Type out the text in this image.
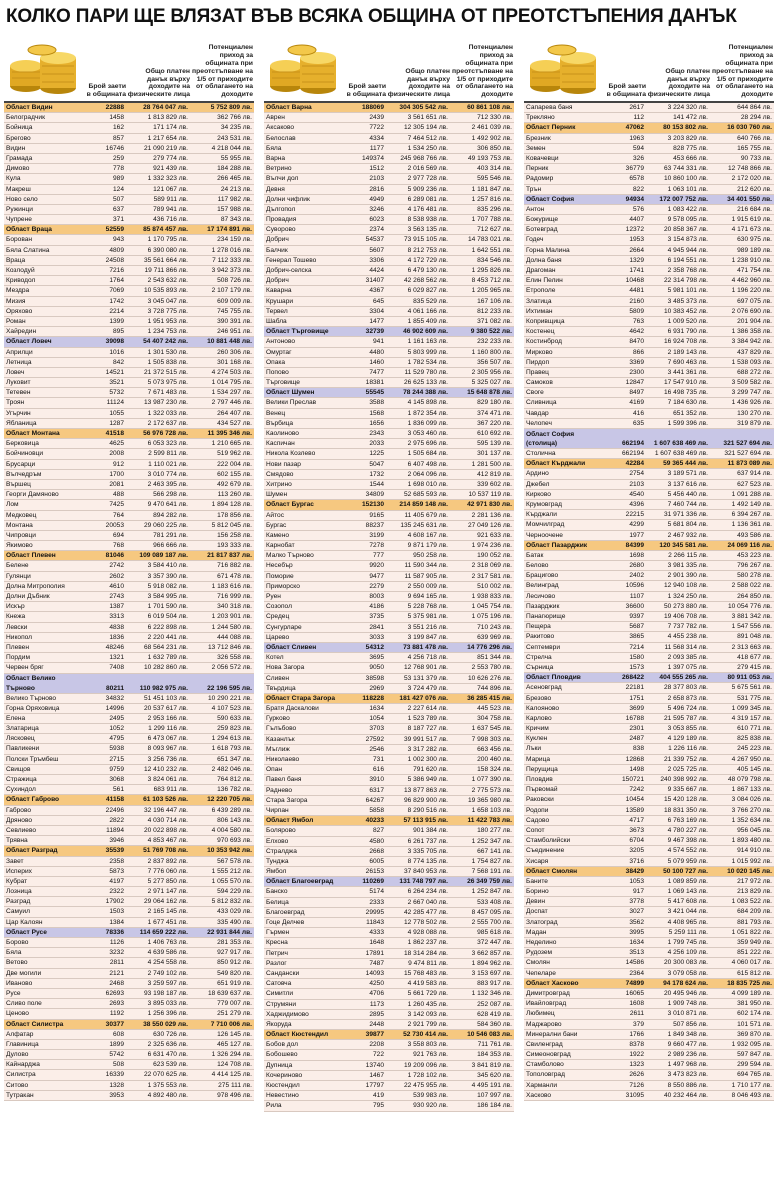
КОЛКО ПАРИ ЩЕ ВЛЯЗАТ ВЪВ ВСЯКА ОБЩИНА ОТ ПРЕОТСТЪПЕНИЯ ДАНЪК
Брой заети в общината
Общо платен данък върху доходите на физическите лица
Потенциален приход за общината при преотстъпване на 1/5 от приходите от облагането на доходите
Област Видин	22888	28 764 047 лв.	5 752 809 лв.
Белоградчик	1458	1 813 829 лв.	362 766 лв.
Бойница	162	171 174 лв.	34 235 лв.
Брегово	857	1 217 654 лв.	243 531 лв.
Видин	16746	21 090 219 лв.	4 218 044 лв.
Грамада	259	279 774 лв.	55 955 лв.
Димово	778	921 439 лв.	184 288 лв.
Кула	989	1 332 323 лв.	266 465 лв.
Макреш	124	121 067 лв.	24 213 лв.
Ново село	507	589 911 лв.	117 982 лв.
Ружинци	637	789 941 лв.	157 988 лв.
Чупрене	371	436 716 лв.	87 343 лв.
Област Враца	52559	85 874 457 лв.	17 174 891 лв.
Борован	943	1 170 795 лв.	234 159 лв.
Бяла Слатина	4809	6 390 080 лв.	1 278 016 лв.
Враца	24508	35 561 664 лв.	7 112 333 лв.
Козлодуй	7216	19 711 866 лв.	3 942 373 лв.
Криводол	1764	2 543 632 лв.	508 726 лв.
Мездра	7069	10 535 893 лв.	2 107 179 лв.
Мизия	1742	3 045 047 лв.	609 009 лв.
Оряхово	2214	3 728 775 лв.	745 755 лв.
Роман	1399	1 951 953 лв.	390 391 лв.
Хайредин	895	1 234 753 лв.	246 951 лв.
Област Ловеч	39098	54 407 242 лв.	10 881 448 лв.
Априлци	1016	1 301 530 лв.	260 306 лв.
Летница	842	1 505 838 лв.	301 168 лв.
Ловеч	14521	21 372 515 лв.	4 274 503 лв.
Луковит	3521	5 073 975 лв.	1 014 795 лв.
Тетевен	5732	7 671 483 лв.	1 534 297 лв.
Троян	11124	13 987 230 лв.	2 797 446 лв.
Угърчин	1055	1 322 033 лв.	264 407 лв.
Ябланица	1287	2 172 637 лв.	434 527 лв.
Област Монтана	41518	56 976 728 лв.	11 395 346 лв.
Берковица	4625	6 053 323 лв.	1 210 665 лв.
Бойчиновци	2008	2 599 811 лв.	519 962 лв.
Брусарци	912	1 110 021 лв.	222 004 лв.
Вълчедръм	1700	3 010 774 лв.	602 155 лв.
Вършец	2081	2 463 395 лв.	492 679 лв.
Георги Дамяново	488	566 298 лв.	113 260 лв.
Лом	7425	9 470 641 лв.	1 894 128 лв.
Медковец	764	894 282 лв.	178 856 лв.
Монтана	20053	29 060 225 лв.	5 812 045 лв.
Чипровци	694	781 291 лв.	156 258 лв.
Якимово	768	966 666 лв.	193 333 лв.
Област Плевен	81046	109 089 187 лв.	21 817 837 лв.
Белене	2742	3 584 410 лв.	716 882 лв.
Гулянци	2602	3 357 390 лв.	671 478 лв.
Долна Митрополия	4610	5 918 082 лв.	1 183 616 лв.
Долни Дъбник	2743	3 584 995 лв.	716 999 лв.
Искър	1387	1 701 590 лв.	340 318 лв.
Кнежа	3313	6 019 504 лв.	1 203 901 лв.
Левски	4838	6 222 898 лв.	1 244 580 лв.
Никопол	1836	2 220 441 лв.	444 088 лв.
Плевен	48246	68 564 231 лв.	13 712 846 лв.
Пордим	1321	1 632 789 лв.	326 558 лв.
Червен бряг	7408	10 282 860 лв.	2 056 572 лв.
Област Велико Търново	80211	110 982 975 лв.	22 196 595 лв.
Велико Търново	34832	51 451 103 лв.	10 290 221 лв.
Горна Оряховица	14996	20 537 617 лв.	4 107 523 лв.
Елена	2495	2 953 166 лв.	590 633 лв.
Златарица	1052	1 299 116 лв.	259 823 лв.
Лясковец	4795	6 473 067 лв.	1 294 613 лв.
Павликени	5938	8 093 967 лв.	1 618 793 лв.
Полски Тръмбеш	2715	3 256 736 лв.	651 347 лв.
Свищов	9759	12 410 232 лв.	2 482 046 лв.
Стражица	3068	3 824 061 лв.	764 812 лв.
Сухиндол	561	683 911 лв.	136 782 лв.
Област Габрово	41158	61 103 526 лв.	12 220 705 лв.
Габрово	22496	32 196 447 лв.	6 439 289 лв.
Дряново	2822	4 030 714 лв.	806 143 лв.
Севлиево	11894	20 022 898 лв.	4 004 580 лв.
Трявна	3946	4 853 467 лв.	970 693 лв.
Област Разград	35539	51 769 708 лв.	10 353 942 лв.
Завет	2358	2 837 892 лв.	567 578 лв.
Исперих	5873	7 776 060 лв.	1 555 212 лв.
Кубрат	4197	5 277 850 лв.	1 055 570 лв.
Лозница	2322	2 971 147 лв.	594 229 лв.
Разград	17902	29 064 162 лв.	5 812 832 лв.
Самуил	1503	2 165 145 лв.	433 029 лв.
Цар Калоян	1384	1 677 451 лв.	335 490 лв.
Област Русе	78336	114 659 222 лв.	22 931 844 лв.
Борово	1126	1 406 763 лв.	281 353 лв.
Бяла	3232	4 639 586 лв.	927 917 лв.
Ветово	2811	4 254 558 лв.	850 912 лв.
Две могили	2121	2 749 102 лв.	549 820 лв.
Иваново	2468	3 259 597 лв.	651 919 лв.
Русе	62693	93 198 187 лв.	18 639 637 лв.
Сливо поле	2693	3 895 033 лв.	779 007 лв.
Ценово	1192	1 256 396 лв.	251 279 лв.
Област Силистра	30377	38 550 029 лв.	7 710 006 лв.
Алфатар	608	630 726 лв.	126 145 лв.
Главиница	1899	2 325 636 лв.	465 127 лв.
Дулово	5742	6 631 470 лв.	1 326 294 лв.
Кайнарджа	508	623 539 лв.	124 708 лв.
Силистра	16339	22 070 625 лв.	4 414 125 лв.
Ситово	1328	1 375 553 лв.	275 111 лв.
Тутракан	3953	4 892 480 лв.	978 496 лв.
Брой заети в общината
Общо платен данък върху доходите на физическите лица
Потенциален приход за общината при преотстъпване на 1/5 от приходите от облагането на доходите
Област Варна	188069	304 305 542 лв.	60 861 108 лв.
Аврен	2439	3 561 651 лв.	712 330 лв.
Аксаково	7722	12 305 194 лв.	2 461 039 лв.
Белослав	4334	7 464 512 лв.	1 492 902 лв.
Бяла	1177	1 534 250 лв.	306 850 лв.
Варна	149374	245 968 766 лв.	49 193 753 лв.
Ветрино	1512	2 016 569 лв.	403 314 лв.
Вълчи дол	2103	2 977 728 лв.	595 546 лв.
Девня	2816	5 909 236 лв.	1 181 847 лв.
Долни чифлик	4949	6 289 081 лв.	1 257 816 лв.
Дългопол	3246	4 176 481 лв.	835 296 лв.
Провадия	6023	8 538 938 лв.	1 707 788 лв.
Суворово	2374	3 563 135 лв.	712 627 лв.
Добрич	54537	73 915 105 лв.	14 783 021 лв.
Балчик	5607	8 212 753 лв.	1 642 551 лв.
Генерал Тошево	3306	4 172 729 лв.	834 546 лв.
Добрич-селска	4424	6 479 130 лв.	1 295 826 лв.
Добрич	31407	42 268 562 лв.	8 453 712 лв.
Каварна	4367	6 029 827 лв.	1 205 965 лв.
Крушари	645	835 529 лв.	167 106 лв.
Тервел	3304	4 061 166 лв.	812 233 лв.
Шабла	1477	1 855 409 лв.	371 082 лв.
Област Търговище	32739	46 902 609 лв.	9 380 522 лв.
Антоново	941	1 161 163 лв.	232 233 лв.
Омуртаг	4480	5 803 999 лв.	1 160 800 лв.
Опака	1460	1 782 534 лв.	356 507 лв.
Попово	7477	11 529 780 лв.	2 305 956 лв.
Търговище	18381	26 625 133 лв.	5 325 027 лв.
Област Шумен	55545	78 244 388 лв.	15 648 878 лв.
Велики Преслав	3588	4 145 898 лв.	829 180 лв.
Венец	1568	1 872 354 лв.	374 471 лв.
Върбица	1656	1 836 099 лв.	367 220 лв.
Каолиново	2343	3 053 460 лв.	610 692 лв.
Каспичан	2033	2 975 696 лв.	595 139 лв.
Никола Козлево	1225	1 505 684 лв.	301 137 лв.
Нови пазар	5047	6 407 498 лв.	1 281 500 лв.
Смядово	1732	2 064 096 лв.	412 819 лв.
Хитрино	1544	1 698 010 лв.	339 602 лв.
Шумен	34809	52 685 593 лв.	10 537 119 лв.
Област Бургас	152130	214 859 148 лв.	42 971 830 лв.
Айтос	9165	11 405 679 лв.	2 281 136 лв.
Бургас	88237	135 245 631 лв.	27 049 126 лв.
Камено	3199	4 608 167 лв.	921 633 лв.
Карнобат	7278	9 871 179 лв.	1 974 236 лв.
Малко Търново	777	950 258 лв.	190 052 лв.
Несебър	9920	11 590 344 лв.	2 318 069 лв.
Поморие	9477	11 587 905 лв.	2 317 581 лв.
Приморско	2279	2 550 009 лв.	510 002 лв.
Руен	8003	9 694 165 лв.	1 938 833 лв.
Созопол	4186	5 228 768 лв.	1 045 754 лв.
Средец	3735	5 375 981 лв.	1 075 196 лв.
Сунгурларе	2841	3 551 216 лв.	710 243 лв.
Царево	3033	3 199 847 лв.	639 969 лв.
Област Сливен	54312	73 881 478 лв.	14 776 296 лв.
Котел	3695	4 256 718 лв.	851 344 лв.
Нова Загора	9050	12 768 901 лв.	2 553 780 лв.
Сливен	38598	53 131 379 лв.	10 626 276 лв.
Твърдица	2969	3 724 479 лв.	744 896 лв.
Област Стара Загора	118228	181 427 076 лв.	36 285 415 лв.
Братя Даскалови	1634	2 227 614 лв.	445 523 лв.
Гурково	1054	1 523 789 лв.	304 758 лв.
Гълъбово	3703	8 187 727 лв.	1 637 545 лв.
Казанлък	27592	39 991 517 лв.	7 998 303 лв.
Мъглиж	2546	3 317 282 лв.	663 456 лв.
Николаево	731	1 002 300 лв.	200 460 лв.
Опан	616	791 620 лв.	158 324 лв.
Павел баня	3910	5 386 949 лв.	1 077 390 лв.
Раднево	6317	13 877 863 лв.	2 775 573 лв.
Стара Загора	64267	96 829 900 лв.	19 365 980 лв.
Чирпан	5858	8 290 516 лв.	1 658 103 лв.
Област Ямбол	40233	57 113 915 лв.	11 422 783 лв.
Болярово	827	901 384 лв.	180 277 лв.
Елхово	4580	6 261 737 лв.	1 252 347 лв.
Стралджа	2668	3 335 705 лв.	667 141 лв.
Тунджа	6005	8 774 135 лв.	1 754 827 лв.
Ямбол	26153	37 840 953 лв.	7 568 191 лв.
Област Благоевград	110269	131 748 797 лв.	26 349 759 лв.
Банско	5174	6 264 234 лв.	1 252 847 лв.
Белица	2333	2 667 040 лв.	533 408 лв.
Благоевград	29995	42 285 477 лв.	8 457 095 лв.
Гоце Делчев	11843	12 778 502 лв.	2 555 700 лв.
Гърмен	4333	4 928 088 лв.	985 618 лв.
Кресна	1648	1 862 237 лв.	372 447 лв.
Петрич	17891	18 314 284 лв.	3 662 857 лв.
Разлог	7487	9 474 811 лв.	1 894 962 лв.
Сандански	14093	15 768 483 лв.	3 153 697 лв.
Сатовча	4250	4 419 583 лв.	883 917 лв.
Симитли	4706	5 661 729 лв.	1 132 346 лв.
Струмяни	1173	1 260 435 лв.	252 087 лв.
Хаджидимово	2895	3 142 093 лв.	628 419 лв.
Якоруда	2448	2 921 799 лв.	584 360 лв.
Област Кюстендил	39877	52 730 414 лв.	10 546 083 лв.
Бобов дол	2208	3 558 803 лв.	711 761 лв.
Бобошево	722	921 763 лв.	184 353 лв.
Дупница	13740	19 209 096 лв.	3 841 819 лв.
Кочериново	1467	1 728 102 лв.	345 620 лв.
Кюстендил	17797	22 475 955 лв.	4 495 191 лв.
Невестино	419	539 983 лв.	107 997 лв.
Рила	795	930 920 лв.	186 184 лв.
Брой заети в общината
Общо платен данък върху доходите на физическите лица
Потенциален приход за общината при преотстъпване на 1/5 от приходите от облагането на доходите
Сапарева баня	2617	3 224 320 лв.	644 864 лв.
Трекляно	112	141 472 лв.	28 294 лв.
Област Перник	47062	80 153 802 лв.	16 030 760 лв.
Брезник	1963	3 203 829 лв.	640 766 лв.
Земен	594	828 775 лв.	165 755 лв.
Ковачевци	326	453 666 лв.	90 733 лв.
Перник	36779	63 744 331 лв.	12 748 866 лв.
Радомир	6578	10 860 100 лв.	2 172 020 лв.
Трън	822	1 063 101 лв.	212 620 лв.
Област София	94934	172 007 752 лв.	34 401 550 лв.
Антон	576	1 083 422 лв.	216 684 лв.
Божурище	4407	9 578 095 лв.	1 915 619 лв.
Ботевград	12372	20 858 367 лв.	4 171 673 лв.
Годеч	1953	3 154 873 лв.	630 975 лв.
Горна Малина	2664	4 945 944 лв.	989 189 лв.
Долна баня	1329	6 194 551 лв.	1 238 910 лв.
Драгоман	1741	2 358 768 лв.	471 754 лв.
Елин Пелин	10468	22 314 798 лв.	4 462 960 лв.
Етрополе	4481	5 981 101 лв.	1 196 220 лв.
Златица	2160	3 485 373 лв.	697 075 лв.
Ихтиман	5809	10 383 452 лв.	2 076 690 лв.
Копривщица	763	1 009 520 лв.	201 904 лв.
Костенец	4642	6 931 790 лв.	1 386 358 лв.
Костинброд	8470	16 924 708 лв.	3 384 942 лв.
Мирково	866	2 189 143 лв.	437 829 лв.
Пирдоп	3369	7 690 463 лв.	1 538 093 лв.
Правец	2300	3 441 361 лв.	688 272 лв.
Самоков	12847	17 547 910 лв.	3 509 582 лв.
Своге	8497	16 498 735 лв.	3 299 747 лв.
Сливница	4169	7 184 630 лв.	1 436 926 лв.
Чавдар	416	651 352 лв.	130 270 лв.
Челопеч	635	1 599 396 лв.	319 879 лв.
Област София (столица)	662194	1 607 638 469 лв.	321 527 694 лв.
Столична	662194	1 607 638 469 лв.	321 527 694 лв.
Област Кърджали	42284	59 365 444 лв.	11 873 089 лв.
Ардино	2754	3 189 571 лв.	637 914 лв.
Джебел	2103	3 137 616 лв.	627 523 лв.
Кирково	4540	5 456 440 лв.	1 091 288 лв.
Крумовград	4396	7 460 744 лв.	1 492 149 лв.
Кърджали	22215	31 971 336 лв.	6 394 267 лв.
Момчилград	4299	5 681 804 лв.	1 136 361 лв.
Черноочене	1977	2 467 932 лв.	493 586 лв.
Област Пазарджик	84399	120 345 581 лв.	24 069 116 лв.
Батак	1698	2 266 115 лв.	453 223 лв.
Белово	2680	3 981 335 лв.	796 267 лв.
Брацигово	2402	2 901 390 лв.	580 278 лв.
Велинград	10596	12 940 108 лв.	2 588 022 лв.
Лесичово	1107	1 324 250 лв.	264 850 лв.
Пазарджик	36600	50 273 880 лв.	10 054 776 лв.
Панагюрище	9397	19 406 708 лв.	3 881 342 лв.
Пещера	5687	7 737 782 лв.	1 547 556 лв.
Ракитово	3865	4 455 238 лв.	891 048 лв.
Септември	7214	11 568 314 лв.	2 313 663 лв.
Стрелча	1580	2 093 385 лв.	418 677 лв.
Сърница	1573	1 397 075 лв.	279 415 лв.
Област Пловдив	268422	404 555 265 лв.	80 911 053 лв.
Асеновград	22181	28 377 803 лв.	5 675 561 лв.
Брезово	1751	2 658 873 лв.	531 775 лв.
Калояново	3699	5 496 724 лв.	1 099 345 лв.
Карлово	16788	21 595 787 лв.	4 319 157 лв.
Кричим	2301	3 053 855 лв.	610 771 лв.
Куклен	2487	4 129 189 лв.	825 838 лв.
Лъки	838	1 226 116 лв.	245 223 лв.
Марица	12868	21 339 752 лв.	4 267 950 лв.
Перущица	1498	2 025 725 лв.	405 145 лв.
Пловдив	150721	240 398 992 лв.	48 079 798 лв.
Първомай	7242	9 335 667 лв.	1 867 133 лв.
Раковски	10454	15 420 128 лв.	3 084 026 лв.
Родопи	13589	18 831 350 лв.	3 766 270 лв.
Садово	4717	6 763 169 лв.	1 352 634 лв.
Сопот	3673	4 780 227 лв.	956 045 лв.
Стамболийски	6704	9 467 398 лв.	1 893 480 лв.
Съединение	3205	4 574 552 лв.	914 910 лв.
Хисаря	3716	5 079 959 лв.	1 015 992 лв.
Област Смолян	38429	50 100 727 лв.	10 020 145 лв.
Баните	1053	1 089 859 лв.	217 972 лв.
Борино	917	1 069 143 лв.	213 829 лв.
Девин	3778	5 417 608 лв.	1 083 522 лв.
Доспат	3027	3 421 044 лв.	684 209 лв.
Златоград	3562	4 408 965 лв.	881 793 лв.
Мадан	3995	5 259 111 лв.	1 051 822 лв.
Неделино	1634	1 799 745 лв.	359 949 лв.
Рудозем	3513	4 256 109 лв.	851 222 лв.
Смолян	14586	20 300 083 лв.	4 060 017 лв.
Чепеларе	2364	3 079 058 лв.	615 812 лв.
Област Хасково	74899	94 178 624 лв.	18 835 725 лв.
Димитровград	16065	20 495 946 лв.	4 099 189 лв.
Ивайловград	1608	1 909 748 лв.	381 950 лв.
Любимец	2611	3 010 871 лв.	602 174 лв.
Маджарово	379	507 856 лв.	101 571 лв.
Минерални бани	1766	1 849 348 лв.	369 870 лв.
Свиленград	8378	9 660 477 лв.	1 932 095 лв.
Симеоновград	1922	2 989 236 лв.	597 847 лв.
Стамболово	1323	1 497 968 лв.	299 594 лв.
Тополовград	2626	3 473 823 лв.	694 765 лв.
Харманли	7126	8 550 886 лв.	1 710 177 лв.
Хасково	31095	40 232 464 лв.	8 046 493 лв.
